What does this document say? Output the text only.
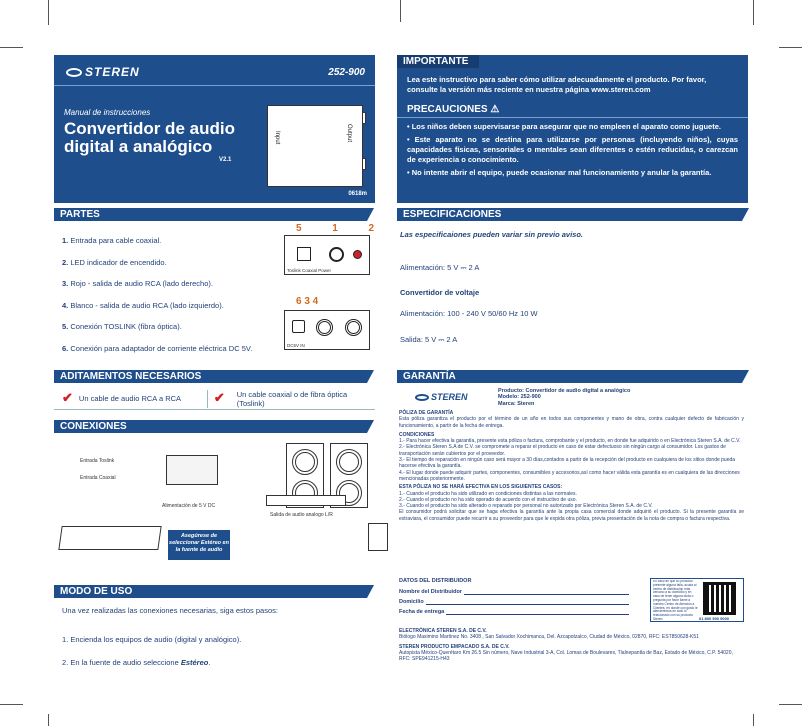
STEREN	252-900
Manual de instrucciones
Convertidor de audio
digital a analógico
V2.1
Input	Output
0618m
IMPORTANTE

Lea este instructivo para saber cómo utilizar adecuadamente el producto. Por favor, consulte la versión más reciente en nuestra página www.steren.com

PRECAUCIONES ⚠

• Los niños deben supervisarse para asegurar que no empleen el aparato como juguete.

• Este aparato no se destina para utilizarse por personas (incluyendo niños), cuyas capacidades físicas, sensoriales o mentales sean diferentes o estén reducidas, o carezcan de experiencia o conocimiento.

• No intente abrir el equipo, puede ocasionar mal funcionamiento y anular la garantía.

PARTES

1. Entrada para cable coaxial.

2. LED indicador de encendido.

3. Rojo - salida de audio RCA (lado derecho).

4. Blanco - salida de audio RCA (lado izquierdo).

5. Conexión TOSLINK (fibra óptica).

6. Conexión para adaptador de corriente eléctrica DC 5V.

5	1	2
Toslink Coaxial Power
6 3 4
DC5V IN
ESPECIFICACIONES

Las especificaiones pueden variar sin previo aviso.

Alimentación: 5 V ⎓ 2 A

Convertidor de voltaje

Alimentación: 100 - 240 V 50/60 Hz 10 W

Salida: 5 V ⎓ 2 A

ADITAMENTOS NECESARIOS
✔ Un cable de audio RCA a RCA	✔ Un cable coaxial o de fibra óptica (Toslink)
CONEXIONES
Entrada Toslink
Entrada Coaxial
Alimentación de 5 V DC
Salida de audio analogo L/R
Asegúrese de seleccionar Estéreo en la fuente de audio
GARANTÍA
STEREN

Producto: Convertidor de audio digital a analógico

Modelo: 252-900

Marca: Steren

PÓLIZA DE GARANTÍA

Esta póliza garantiza el producto por el término de un año en todos sus componentes y mano de obra, contra cualquier defecto de fabricación y funcionamiento, a partir de la fecha de entrega.

CONDICIONES

1.- Para hacer efectiva la garantía, presente esta póliza o factura, comprobante y el producto, en donde fue adquirido o en Electrónica Steren S.A. de C.V.

2.- Electrónica Steren S.A de C.V. se compromete a reparar el producto en caso de estar defectuoso sin ningún cargo al consumidor. Los gastos de transportación serán cubiertos por el proveedor.

3.- El tiempo de reparación en ningún caso será mayor a 30 días,contados a partir de la recepción del producto en cualquiera de los sitios donde pueda hacerse efectiva la garantía.

4.- El lugar donde puede adquirir partes, componentes, consumibles y accesorios,así como hacer válida esta garantía es en cualquiera de las direcciones mencionadas posteriormente.

ESTA PÓLIZA NO SE HARÁ EFECTIVA EN LOS SIGUIENTES CASOS:

1.- Cuando el producto ha sido utilizado en condiciones distintas a las normales.

2.- Cuando el producto no ha sido operado de acuerdo con el instructivo de uso.

3.- Cuando el producto ha sido alterado o reparado por personal no autorizado por Electrónica Steren S.A. de C.V.

El consumidor podrá solicitar que se haga efectiva la garantía ante la propia casa comercial donde adquirió el producto. Si la presente garantía se extraviara, el consumidor puede recurrir a su proveedor para que le expida otra póliza, previa presentación de la nota de compra o factura respectiva.

DATOS DEL DISTRIBUIDOR

Nombre del Distribuidor

Domicilio

Fecha de entrega

En caso de que su producto presente alguna falla, acuda al centro de distribución más cercano a su domicilio y en caso de tener alguna duda o pregunta por favor llame a nuestro Centro de Atención a Clientes, en donde con gusto le atenderemos en todo lo relacionado con su producto Steren.	01 800 500 9000

ELECTRÓNICA STEREN S.A. DE C.V.

Biólogo Maximino Martínez No. 3408 , San Salvador Xochimanca, Del. Azcapotzalco, Ciudad de México, 02870, RFC: EST850628-K51

STEREN PRODUCTO EMPACADO S.A. DE C.V.

Autopista México-Querétaro Km 26.5 Sin número, Nave Industrial 3-A, Col. Lomas de Boulevares, Tlalnepantla de Baz, Estado de México, C.P. 54020, RFC: SPE941215-H43

MODO DE USO

Una vez realizadas las conexiones necesarias, siga estos pasos:

1. Encienda los equipos de audio (digital y analógico).

2. En la fuente de audio seleccione Estéreo.
